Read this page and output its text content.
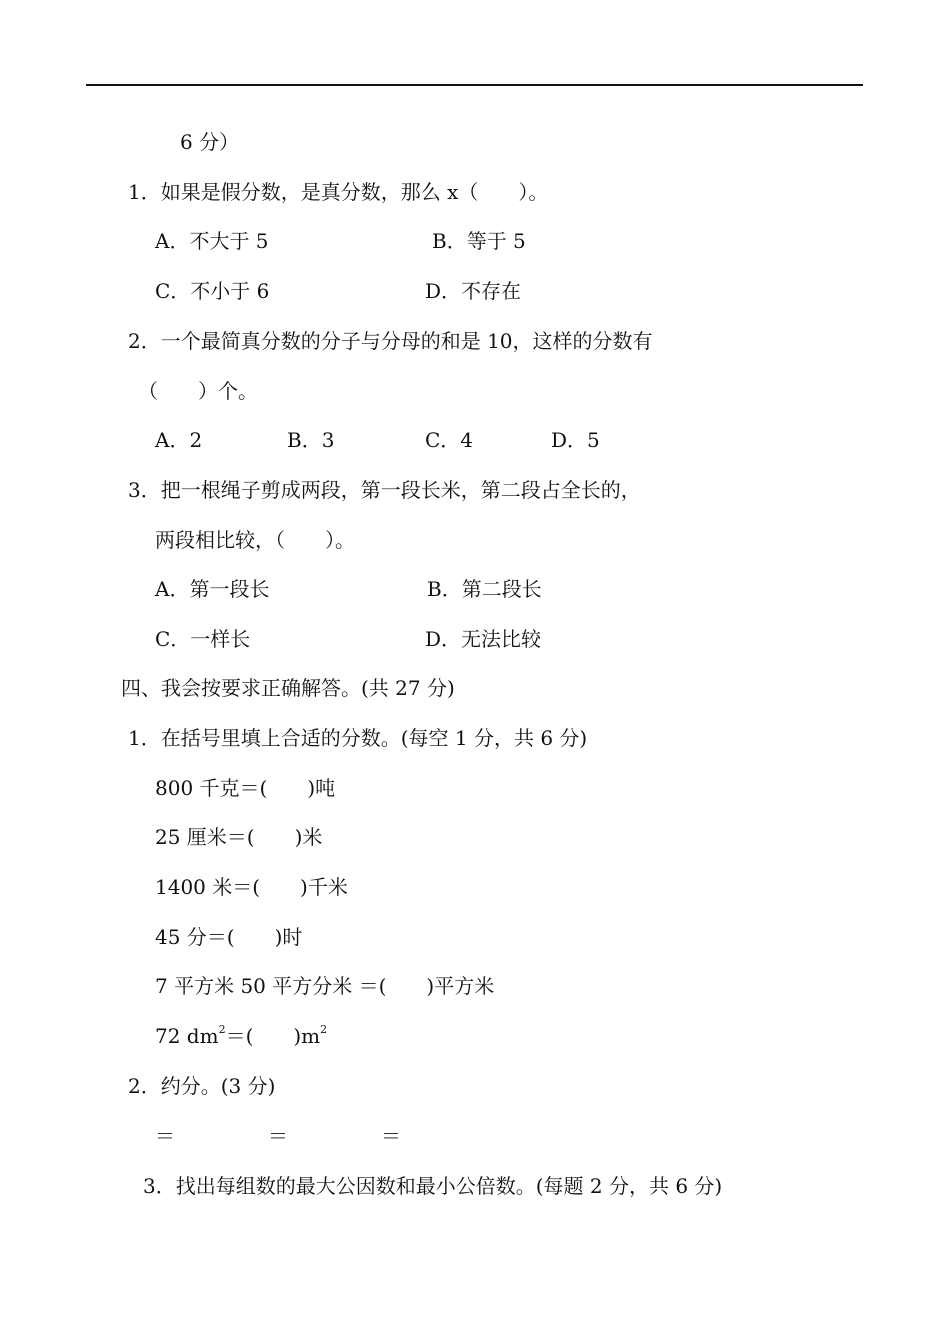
6 分）
1．如果是假分数，是真分数，那么 x（　　）。
A．不大于 5	B．等于 5
C．不小于 6	D．不存在
2．一个最简真分数的分子与分母的和是 10，这样的分数有
（　　）个。
A．2	B．3	C．4	D．5
3．把一根绳子剪成两段，第一段长米，第二段占全长的，
两段相比较，（　　）。
A．第一段长	B．第二段长
C．一样长	D．无法比较
四、我会按要求正确解答。(共 27 分)
1．在括号里填上合适的分数。(每空 1 分，共 6 分)
800 千克＝(　　)吨
25 厘米＝(　　)米
1400 米＝(　　)千米
45 分＝(　　)时
7 平方米 50 平方分米 ＝(　　)平方米
72 $dm^2=$(　　)$m^2$
2．约分。(3 分)
＝	＝	＝
3．找出每组数的最大公因数和最小公倍数。(每题 2 分，共 6 分)
